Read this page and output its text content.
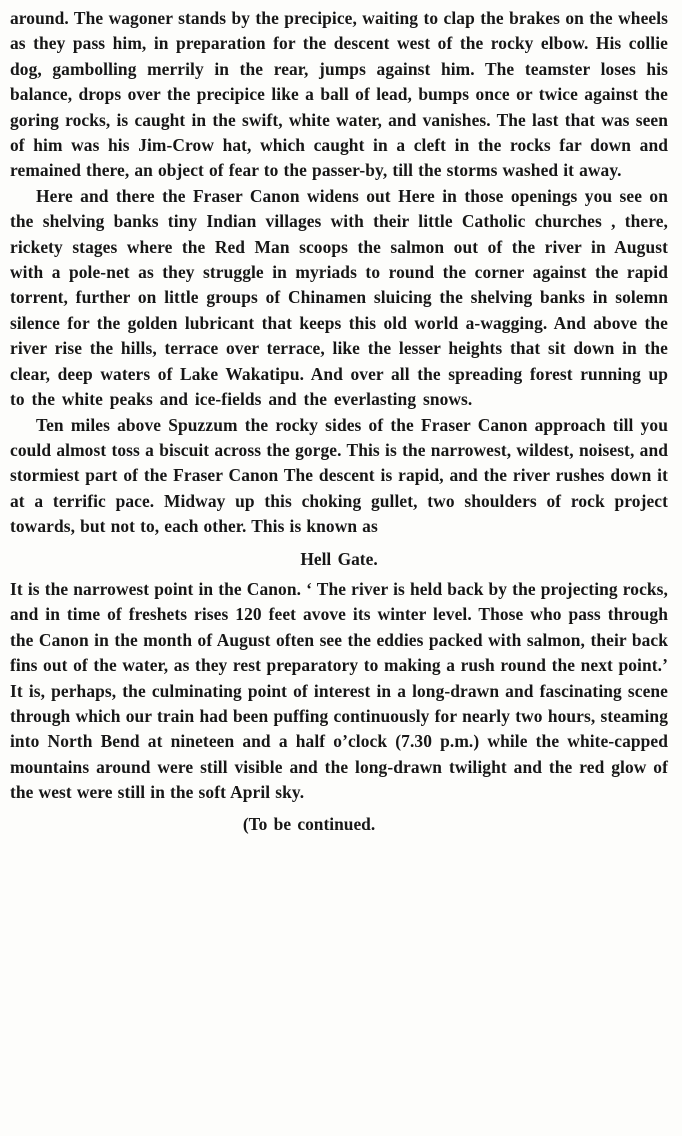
around. The wagoner stands by the precipice, waiting to clap the brakes on the wheels as they pass him, in preparation for the descent west of the rocky elbow. His collie dog, gambolling merrily in the rear, jumps against him. The teamster loses his balance, drops over the precipice like a ball of lead, bumps once or twice against the goring rocks, is caught in the swift, white water, and vanishes. The last that was seen of him was his Jim-Crow hat, which caught in a cleft in the rocks far down and remained there, an object of fear to the passer-by, till the storms washed it away.

Here and there the Fraser Canon widens out Here in those openings you see on the shelving banks tiny Indian villages with their little Catholic churches , there, rickety stages where the Red Man scoops the salmon out of the river in August with a pole-net as they struggle in myriads to round the corner against the rapid torrent, further on little groups of Chinamen sluicing the shelving banks in solemn silence for the golden lubricant that keeps this old world a-wagging. And above the river rise the hills, terrace over terrace, like the lesser heights that sit down in the clear, deep waters of Lake Wakatipu. And over all the spreading forest running up to the white peaks and ice-fields and the everlasting snows.

Ten miles above Spuzzum the rocky sides of the Fraser Canon approach till you could almost toss a biscuit across the gorge. This is the narrowest, wildest, noisest, and stormiest part of the Fraser Canon The descent is rapid, and the river rushes down it at a terrific pace. Midway up this choking gullet, two shoulders of rock project towards, but not to, each other. This is known as

Hell Gate.

It is the narrowest point in the Canon. ‘ The river is held back by the projecting rocks, and in time of freshets rises 120 feet avove its winter level. Those who pass through the Canon in the month of August often see the eddies packed with salmon, their back fins out of the water, as they rest preparatory to making a rush round the next point.’ It is, perhaps, the culminating point of interest in a long-drawn and fascinating scene through which our train had been puffing continuously for nearly two hours, steaming into North Bend at nineteen and a half o’clock (7.30 p.m.) while the white-capped mountains around were still visible and the long-drawn twilight and the red glow of the west were still in the soft April sky.

(To be continued.
